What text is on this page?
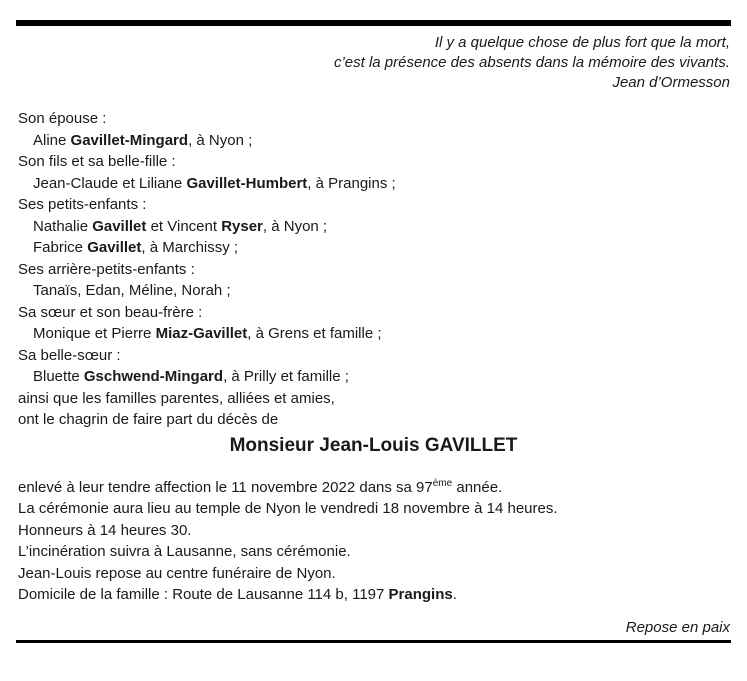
Il y a quelque chose de plus fort que la mort,
c’est la présence des absents dans la mémoire des vivants.
Jean d’Ormesson
Son épouse :
Aline Gavillet-Mingard, à Nyon ;
Son fils et sa belle-fille :
Jean-Claude et Liliane Gavillet-Humbert, à Prangins ;
Ses petits-enfants :
Nathalie Gavillet et Vincent Ryser, à Nyon ;
Fabrice Gavillet, à Marchissy ;
Ses arrière-petits-enfants :
Tanaïs, Edan, Méline, Norah ;
Sa sœur et son beau-frère :
Monique et Pierre Miaz-Gavillet, à Grens et famille ;
Sa belle-sœur :
Bluette Gschwend-Mingard, à Prilly et famille ;
ainsi que les familles parentes, alliées et amies,
ont le chagrin de faire part du décès de
Monsieur Jean-Louis GAVILLET
enlevé à leur tendre affection le 11 novembre 2022 dans sa 97ème année.
La cérémonie aura lieu au temple de Nyon le vendredi 18 novembre à 14 heures.
Honneurs à 14 heures 30.
L’incinération suivra à Lausanne, sans cérémonie.
Jean-Louis repose au centre funéraire de Nyon.
Domicile de la famille : Route de Lausanne 114 b, 1197 Prangins.
Repose en paix
